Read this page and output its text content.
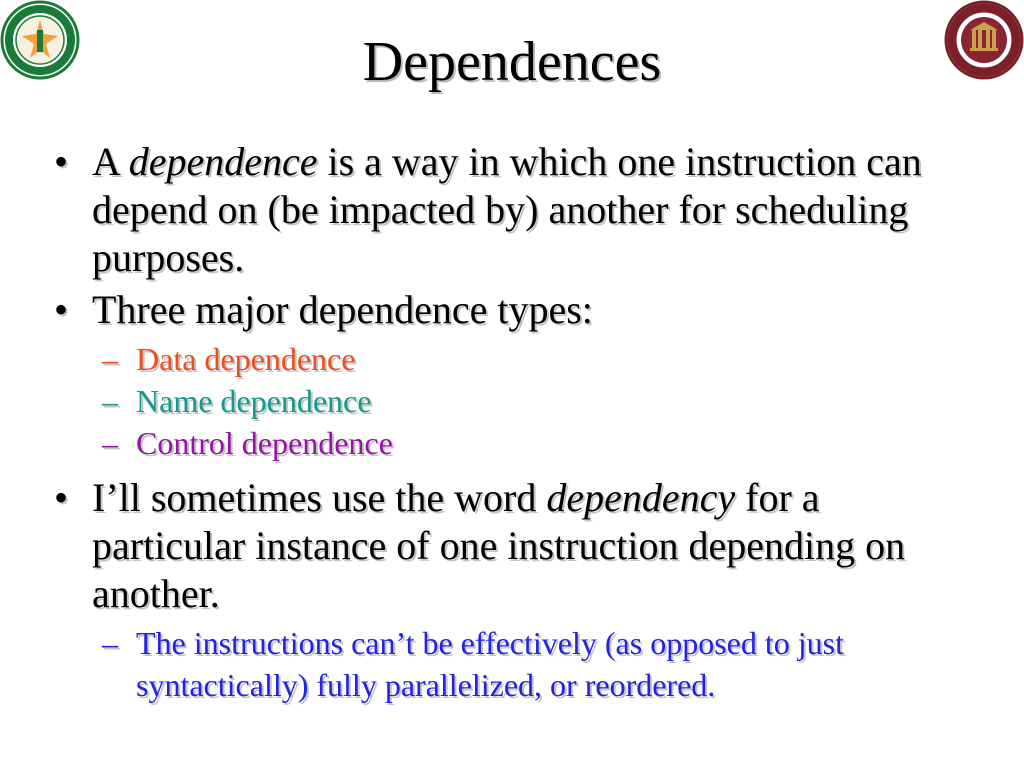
Dependences
• A dependence is a way in which one instruction can depend on (be impacted by) another for scheduling purposes.
• Three major dependence types:
– Data dependence
– Name dependence
– Control dependence
• I’ll sometimes use the word dependency for a particular instance of one instruction depending on another.
– The instructions can’t be effectively (as opposed to just syntactically) fully parallelized, or reordered.
